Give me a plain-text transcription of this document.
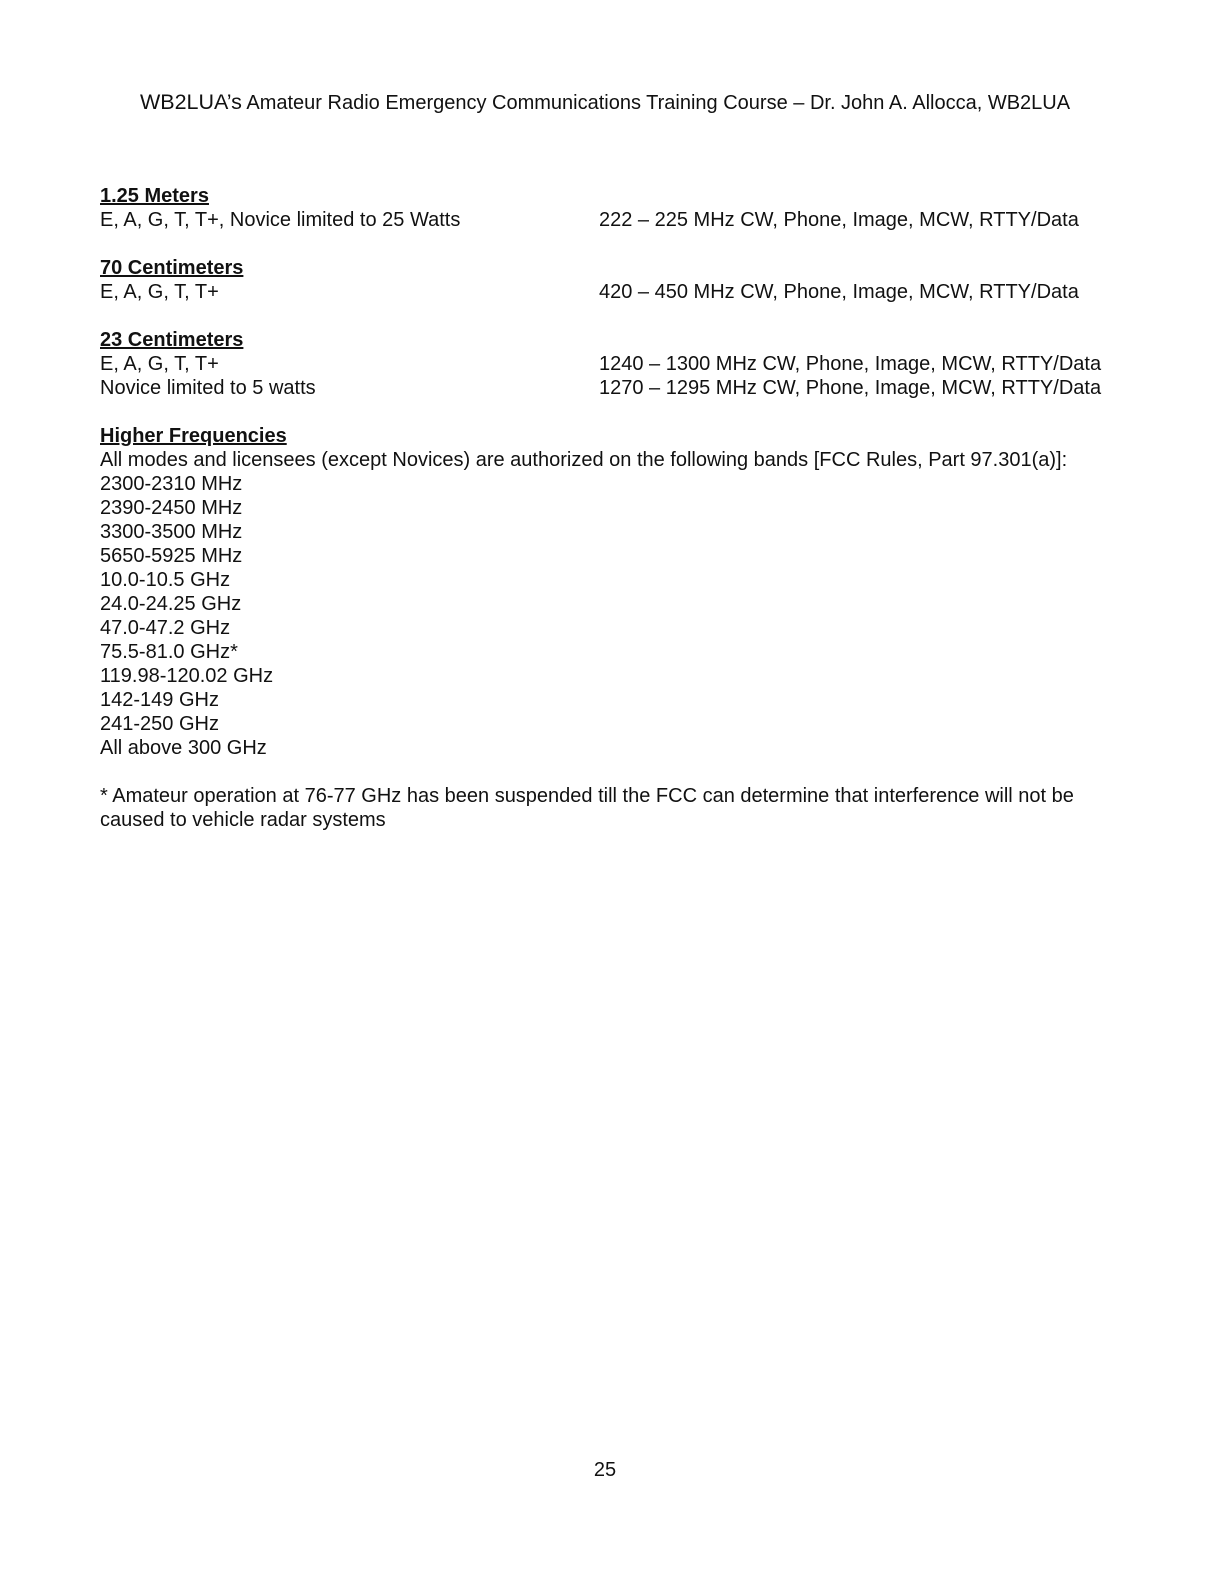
WB2LUA’s Amateur Radio Emergency Communications Training Course – Dr. John A. Allocca, WB2LUA
1.25 Meters
E, A, G, T, T+, Novice limited to 25 Watts	222 – 225 MHz CW, Phone, Image, MCW, RTTY/Data
70 Centimeters
E, A, G, T, T+	420 – 450 MHz CW, Phone, Image, MCW, RTTY/Data
23 Centimeters
E, A, G, T, T+	1240 – 1300 MHz CW, Phone, Image, MCW, RTTY/Data
Novice limited to 5 watts	1270 – 1295 MHz CW, Phone, Image, MCW, RTTY/Data
Higher Frequencies
All modes and licensees (except Novices) are authorized on the following bands [FCC Rules, Part 97.301(a)]:
2300-2310 MHz
2390-2450 MHz
3300-3500 MHz
5650-5925 MHz
10.0-10.5 GHz
24.0-24.25 GHz
47.0-47.2 GHz
75.5-81.0 GHz*
119.98-120.02 GHz
142-149 GHz
241-250 GHz
All above 300 GHz
* Amateur operation at 76-77 GHz has been suspended till the FCC can determine that interference will not be caused to vehicle radar systems
25
